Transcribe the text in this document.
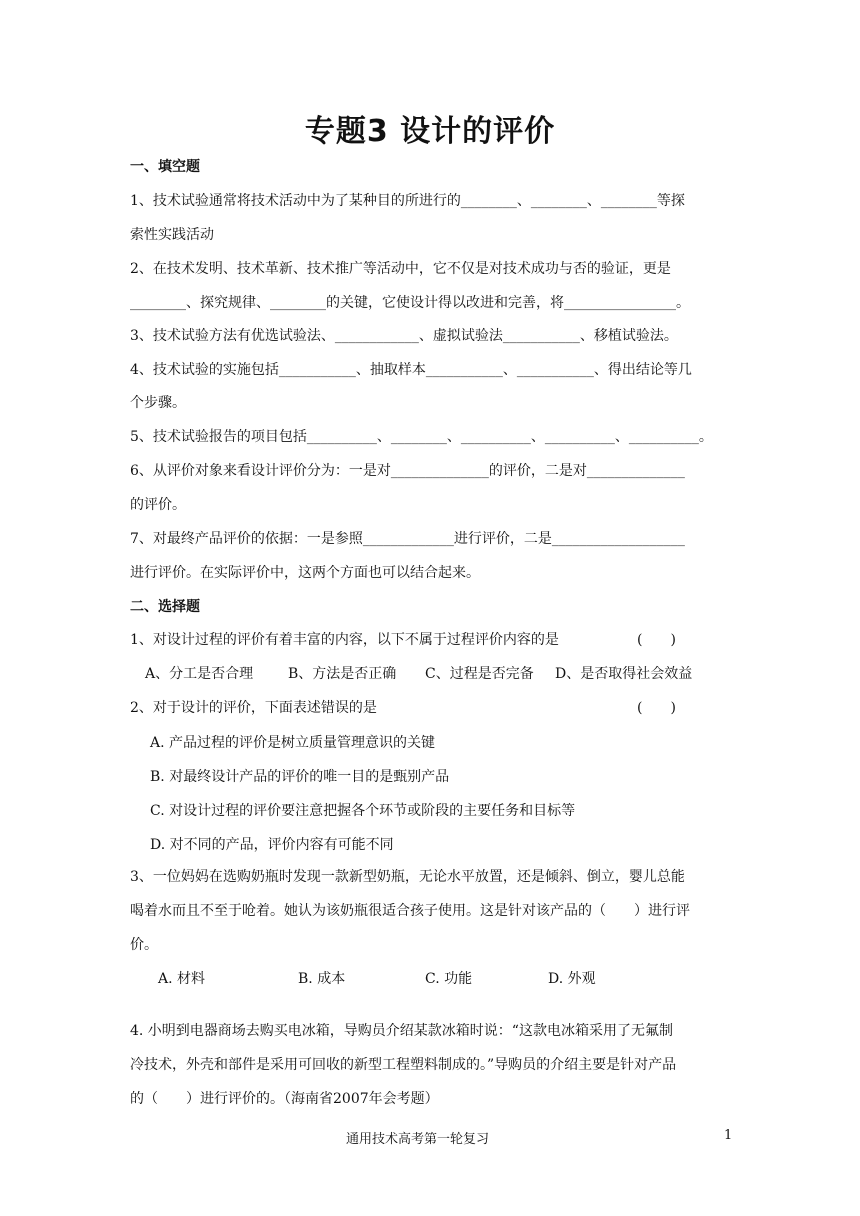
专题3 设计的评价
一、填空题
1、技术试验通常将技术活动中为了某种目的所进行的________、________、________等探
索性实践活动
2、在技术发明、技术革新、技术推广等活动中，它不仅是对技术成功与否的验证，更是
________、探究规律、________的关键，它使设计得以改进和完善，将________________。
3、技术试验方法有优选试验法、____________、虚拟试验法___________、移植试验法。
4、技术试验的实施包括___________、抽取样本___________、___________、得出结论等几
个步骤。
5、技术试验报告的项目包括__________、________、__________、__________、__________。
6、从评价对象来看设计评价分为：一是对______________的评价，二是对______________
的评价。
7、对最终产品评价的依据：一是参照_____________进行评价，二是___________________
进行评价。在实际评价中，这两个方面也可以结合起来。
二、选择题
1、对设计过程的评价有着丰富的内容，以下不属于过程评价内容的是	(　　)
A、分工是否合理 B、方法是否正确 C、过程是否完备 D、是否取得社会效益
2、对于设计的评价，下面表述错误的是	(　　)
A. 产品过程的评价是树立质量管理意识的关键
B. 对最终设计产品的评价的唯一目的是甄别产品
C. 对设计过程的评价要注意把握各个环节或阶段的主要任务和目标等
D. 对不同的产品，评价内容有可能不同
3、一位妈妈在选购奶瓶时发现一款新型奶瓶，无论水平放置，还是倾斜、倒立，婴儿总能
喝着水而且不至于呛着。她认为该奶瓶很适合孩子使用。这是针对该产品的（　　）进行评
价。
A. 材料	B. 成本	C. 功能	D. 外观
4. 小明到电器商场去购买电冰箱，导购员介绍某款冰箱时说：“这款电冰箱采用了无氟制
冷技术，外壳和部件是采用可回收的新型工程塑料制成的。”导购员的介绍主要是针对产品
的（　　）进行评价的。（海南省2007年会考题）
通用技术高考第一轮复习	1
